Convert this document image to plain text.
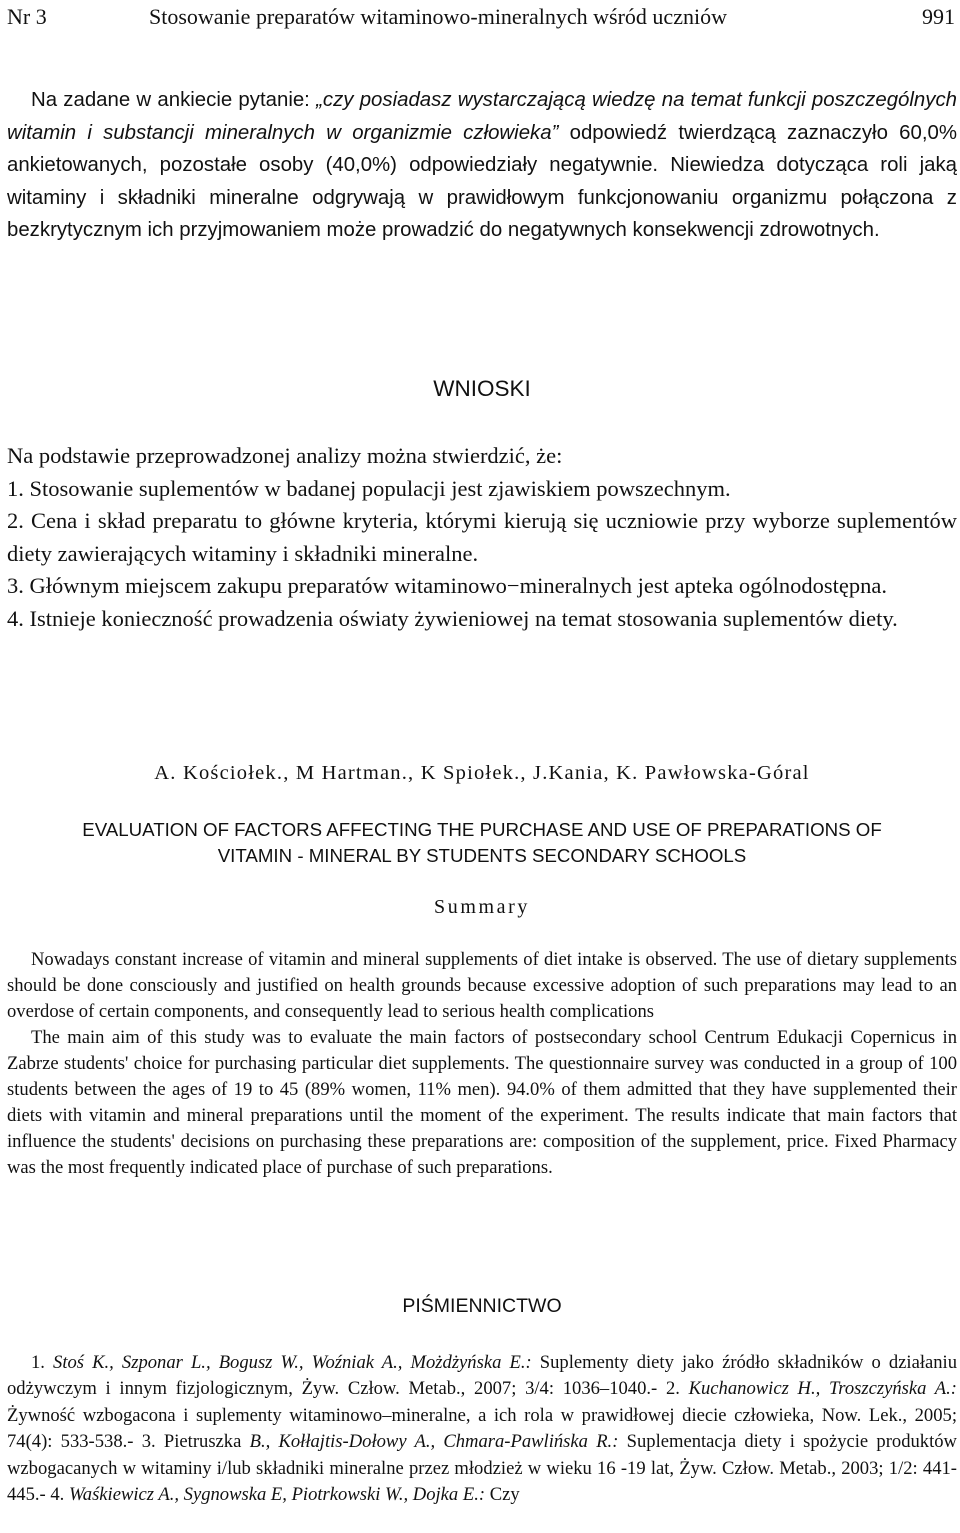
Nr 3	Stosowanie preparatów witaminowo-mineralnych wśród uczniów	991
Na zadane w ankiecie pytanie: „czy posiadasz wystarczającą wiedzę na temat funkcji poszczególnych witamin i substancji mineralnych w organizmie człowieka” odpowiedź twierdzącą zaznaczyło 60,0% ankietowanych, pozostałe osoby (40,0%) odpowiedziały negatywnie. Niewiedza dotycząca roli jaką witaminy i składniki mineralne odgrywają w prawidłowym funkcjonowaniu organizmu połączona z bezkrytycznym ich przyjmowaniem może prowadzić do negatywnych konsekwencji zdrowotnych.
WNIOSKI

Na podstawie przeprowadzonej analizy można stwierdzić, że:

1. Stosowanie suplementów w badanej populacji jest zjawiskiem powszechnym.

2. Cena i skład preparatu to główne kryteria, którymi kierują się uczniowie przy wyborze suplementów diety zawierających witaminy i składniki mineralne.

3. Głównym miejscem zakupu preparatów witaminowo−mineralnych jest apteka ogólnodostępna.

4. Istnieje konieczność prowadzenia oświaty żywieniowej na temat stosowania suplementów diety.

A. Kościołek., M Hartman., K Spiołek., J.Kania, K. Pawłowska-Góral
EVALUATION OF FACTORS AFFECTING THE PURCHASE AND USE OF PREPARATIONS OF
VITAMIN - MINERAL BY STUDENTS SECONDARY SCHOOLS
Summary

Nowadays constant increase of vitamin and mineral supplements of diet intake is observed. The use of dietary supplements should be done consciously and justified on health grounds because excessive adoption of such preparations may lead to an overdose of certain components, and consequently lead to serious health complications

The main aim of this study was to evaluate the main factors of postsecondary school Centrum Edukacji Copernicus in Zabrze students' choice for purchasing particular diet supplements. The questionnaire survey was conducted in a group of 100 students between the ages of 19 to 45 (89% women, 11% men). 94.0% of them admitted that they have supplemented their diets with vitamin and mineral preparations until the moment of the experiment. The results indicate that main factors that influence the students' decisions on purchasing these preparations are: composition of the supplement, price. Fixed Pharmacy was the most frequently indicated place of purchase of such preparations.

PIŚMIENNICTWO
1. Stoś K., Szponar L., Bogusz W., Woźniak A., Możdżyńska E.: Suplementy diety jako źródło składników o działaniu odżywczym i innym fizjologicznym, Żyw. Człow. Metab., 2007; 3/4: 1036–1040.- 2. Kuchanowicz H., Troszczyńska A.: Żywność wzbogacona i suplementy witaminowo–mineralne, a ich rola w prawidłowej diecie człowieka, Now. Lek., 2005; 74(4): 533-538.- 3. Pietruszka B., Kołłajtis-Dołowy A., Chmara-Pawlińska R.: Suplementacja diety i spożycie produktów wzbogacanych w witaminy i/lub składniki mineralne przez młodzież w wieku 16 -19 lat, Żyw. Człow. Metab., 2003; 1/2: 441-445.- 4. Waśkiewicz A., Sygnowska E, Piotrkowski W., Dojka E.: Czy
